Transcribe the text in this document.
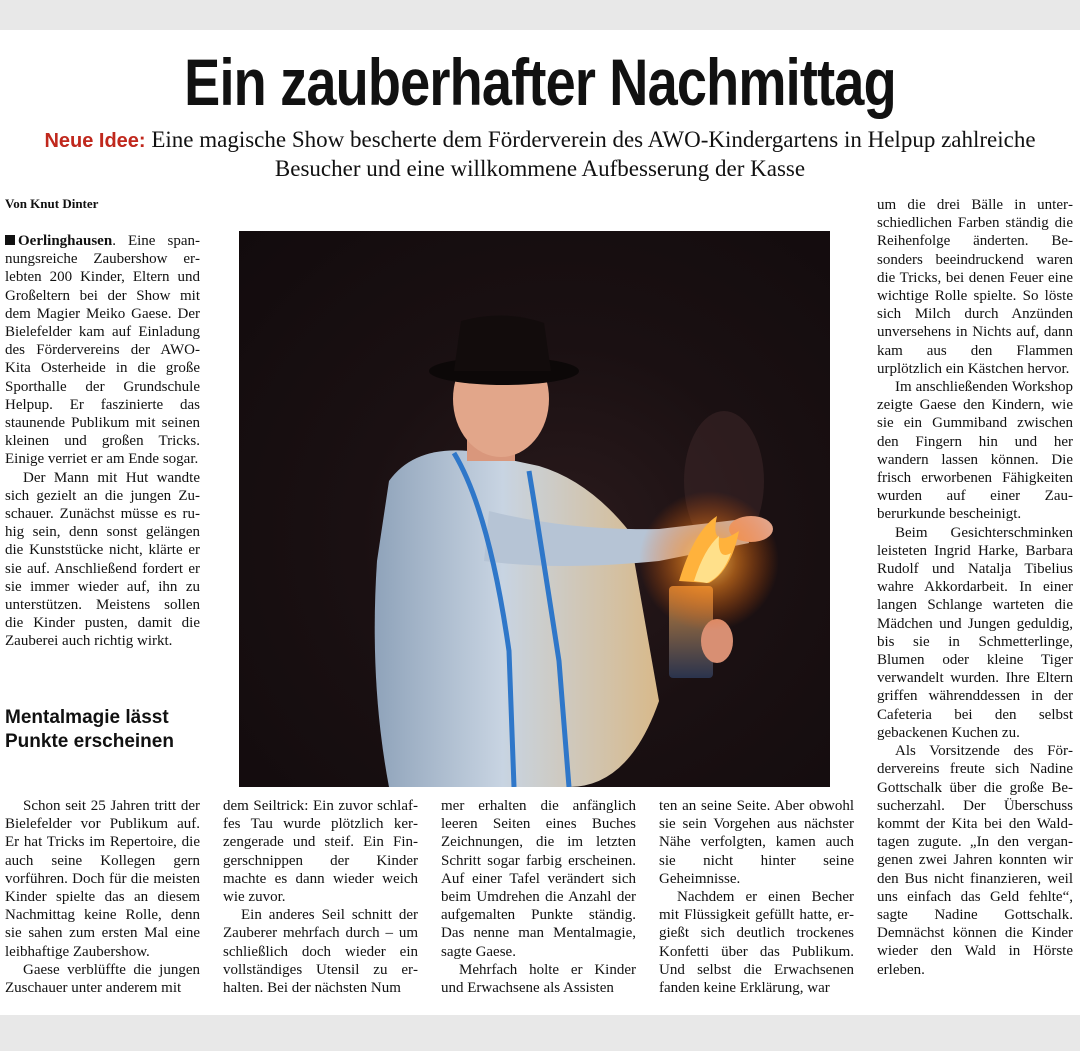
Ein zauberhafter Nachmittag
Neue Idee: Eine magische Show bescherte dem Förderverein des AWO-Kindergartens in Helpup zahlreiche Besucher und eine willkommene Aufbesserung der Kasse
Von Knut Dinter

Oerlinghausen. Eine spannungsreiche Zaubershow erlebten 200 Kinder, Eltern und Großeltern bei der Show mit dem Magier Meiko Gaese. Der Bielefelder kam auf Einladung des Fördervereins der AWO-Kita Osterheide in die große Sporthalle der Grundschule Helpup. Er faszinierte das staunende Publikum mit seinen kleinen und großen Tricks. Einige verriet er am Ende sogar.

Der Mann mit Hut wandte sich gezielt an die jungen Zuschauer. Zunächst müsse es ruhig sein, denn sonst gelängen die Kunststücke nicht, klärte er sie auf. Anschließend fordert er sie immer wieder auf, ihn zu unterstützen. Meistens sollen die Kinder pusten, damit die Zauberei auch richtig wirkt.

Mentalmagie lässt Punkte erscheinen

Schon seit 25 Jahren tritt der Bielefelder vor Publikum auf. Er hat Tricks im Repertoire, die auch seine Kollegen gern vorführen. Doch für die meisten Kinder spielte das an diesem Nachmittag keine Rolle, denn sie sahen zum ersten Mal eine leibhaftige Zaubershow.

Gaese verblüffte die jungen Zuschauer unter anderem mit

dem Seiltrick: Ein zuvor schlaffes Tau wurde plötzlich kerzengerade und steif. Ein Fingerschnippen der Kinder machte es dann wieder weich wie zuvor.

Ein anderes Seil schnitt der Zauberer mehrfach durch – um schließlich doch wieder ein vollständiges Utensil zu erhalten. Bei der nächsten Num

mer erhalten die anfänglich leeren Seiten eines Buches Zeichnungen, die im letzten Schritt sogar farbig erscheinen. Auf einer Tafel verändert sich beim Umdrehen die Anzahl der aufgemalten Punkte ständig. Das nenne man Mentalmagie, sagte Gaese.

Mehrfach holte er Kinder und Erwachsene als Assisten

ten an seine Seite. Aber obwohl sie sein Vorgehen aus nächster Nähe verfolgten, kamen auch sie nicht hinter seine Geheimnisse.

Nachdem er einen Becher mit Flüssigkeit gefüllt hatte, ergießt sich deutlich trockenes Konfetti über das Publikum. Und selbst die Erwachsenen fanden keine Erklärung, war

um die drei Bälle in unterschiedlichen Farben ständig die Reihenfolge änderten. Besonders beeindruckend waren die Tricks, bei denen Feuer eine wichtige Rolle spielte. So löste sich Milch durch Anzünden unversehens in Nichts auf, dann kam aus den Flammen urplötzlich ein Kästchen hervor.

Im anschließenden Workshop zeigte Gaese den Kindern, wie sie ein Gummiband zwischen den Fingern hin und her wandern lassen können. Die frisch erworbenen Fähigkeiten wurden auf einer Zauberurkunde bescheinigt.

Beim Gesichterschminken leisteten Ingrid Harke, Barbara Rudolf und Natalja Tibelius wahre Akkordarbeit. In einer langen Schlange warteten die Mädchen und Jungen geduldig, bis sie in Schmetterlinge, Blumen oder kleine Tiger verwandelt wurden. Ihre Eltern griffen währenddessen in der Cafeteria bei den selbst gebackenen Kuchen zu.

Als Vorsitzende des Fördervereins freute sich Nadine Gottschalk über die große Besucherzahl. Der Überschuss kommt der Kita bei den Waldtagen zugute. „In den vergangenen zwei Jahren konnten wir den Bus nicht finanzieren, weil uns einfach das Geld fehlte“, sagte Nadine Gottschalk. Demnächst können die Kinder wieder den Wald in Hörste erleben.
